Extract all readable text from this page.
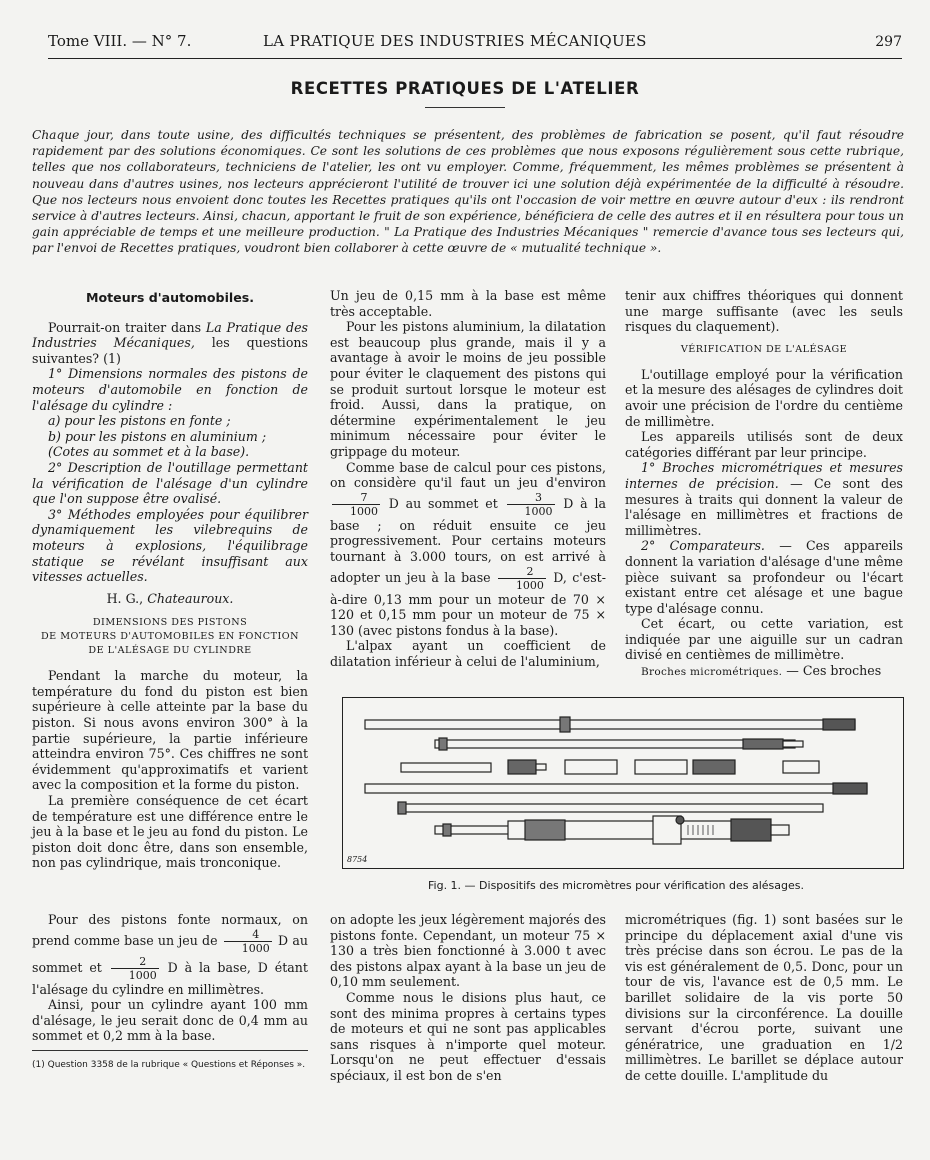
Tome VIII. — N° 7.	LA PRATIQUE DES INDUSTRIES MÉCANIQUES	297
RECETTES PRATIQUES DE L'ATELIER
Chaque jour, dans toute usine, des difficultés techniques se présentent, des problèmes de fabrication se posent, qu'il faut résoudre rapidement par des solutions économiques. Ce sont les solutions de ces problèmes que nous exposons régulièrement sous cette rubrique, telles que nos collaborateurs, techniciens de l'atelier, les ont vu employer. Comme, fréquemment, les mêmes problèmes se présentent à nouveau dans d'autres usines, nos lecteurs apprécieront l'utilité de trouver ici une solution déjà expérimentée de la difficulté à résoudre. Que nos lecteurs nous envoient donc toutes les Recettes pratiques qu'ils ont l'occasion de voir mettre en œuvre autour d'eux : ils rendront service à d'autres lecteurs. Ainsi, chacun, apportant le fruit de son expérience, bénéficiera de celle des autres et il en résultera pour tous un gain appréciable de temps et une meilleure production. " La Pratique des Industries Mécaniques " remercie d'avance tous ses lecteurs qui, par l'envoi de Recettes pratiques, voudront bien collaborer à cette œuvre de « mutualité technique ».
Moteurs d'automobiles.

Pourrait-on traiter dans La Pratique des Industries Mécaniques, les questions suivantes? (1)

1° Dimensions normales des pistons de moteurs d'automobile en fonction de l'alésage du cylindre :

a) pour les pistons en fonte ;

b) pour les pistons en aluminium ;

(Cotes au sommet et à la base).

2° Description de l'outillage permettant la vérification de l'alésage d'un cylindre que l'on suppose être ovalisé.

3° Méthodes employées pour équilibrer dynamiquement les vilebrequins de moteurs à explosions, l'équilibrage statique se révélant insuffisant aux vitesses actuelles.

H. G., Chateauroux.
DIMENSIONS DES PISTONS
DE MOTEURS D'AUTOMOBILES EN FONCTION
DE L'ALÉSAGE DU CYLINDRE

Pendant la marche du moteur, la température du fond du piston est bien supérieure à celle atteinte par la base du piston. Si nous avons environ 300° à la partie supérieure, la partie inférieure atteindra environ 75°. Ces chiffres ne sont évidemment qu'approximatifs et varient avec la composition et la forme du piston.

La première conséquence de cet écart de température est une différence entre le jeu à la base et le jeu au fond du piston. Le piston doit donc être, dans son ensemble, non pas cylindrique, mais tronconique.

Pour des pistons fonte normaux, on prend comme base un jeu de $\frac{4}{1000}$ D au sommet et $\frac{2}{1000}$ D à la base, D étant l'alésage du cylindre en millimètres.

Ainsi, pour un cylindre ayant 100 mm d'alésage, le jeu serait donc de 0,4 mm au sommet et 0,2 mm à la base.

(1) Question 3358 de la rubrique « Questions et Réponses ».

Un jeu de 0,15 mm à la base est même très acceptable.

Pour les pistons aluminium, la dilatation est beaucoup plus grande, mais il y a avantage à avoir le moins de jeu possible pour éviter le claquement des pistons qui se produit surtout lorsque le moteur est froid. Aussi, dans la pratique, on détermine expérimentalement le jeu minimum nécessaire pour éviter le grippage du moteur.

Comme base de calcul pour ces pistons, on considère qu'il faut un jeu d'environ
$\frac{7}{1000}$ D au sommet et $\frac{3}{1000}$ D à la base ; on réduit ensuite ce jeu progressivement. Pour certains moteurs tournant à 3.000 tours, on est arrivé à adopter un jeu à la base $\frac{2}{1000} D$, c'est-à-dire 0,13 mm pour un moteur de 70 × 120 et 0,15 mm pour un moteur de 75 × 130 (avec pistons fondus à la base).

L'alpax ayant un coefficient de dilatation inférieur à celui de l'aluminium,

on adopte les jeux légèrement majorés des pistons fonte. Cependant, un moteur 75 × 130 a très bien fonctionné à 3.000 t avec des pistons alpax ayant à la base un jeu de 0,10 mm seulement.

Comme nous le disions plus haut, ce sont des minima propres à certains types de moteurs et qui ne sont pas applicables sans risques à n'importe quel moteur. Lorsqu'on ne peut effectuer d'essais spéciaux, il est bon de s'en

tenir aux chiffres théoriques qui donnent une marge suffisante (avec les seuls risques du claquement).

VÉRIFICATION DE L'ALÉSAGE

L'outillage employé pour la vérification et la mesure des alésages de cylindres doit avoir une précision de l'ordre du centième de millimètre.

Les appareils utilisés sont de deux catégories différant par leur principe.

1° Broches micrométriques et mesures internes de précision. — Ce sont des mesures à traits qui donnent la valeur de l'alésage en millimètres et fractions de millimètres.

2° Comparateurs. — Ces appareils donnent la variation d'alésage d'une même pièce suivant sa profondeur ou l'écart existant entre cet alésage et une bague type d'alésage connu.

Cet écart, ou cette variation, est indiquée par une aiguille sur un cadran divisé en centièmes de millimètre.

Broches micrométriques. — Ces broches

micrométriques (fig. 1) sont basées sur le principe du déplacement axial d'une vis très précise dans son écrou. Le pas de la vis est généralement de 0,5. Donc, pour un tour de vis, l'avance est de 0,5 mm. Le barillet solidaire de la vis porte 50 divisions sur la circonférence. La douille servant d'écrou porte, suivant une génératrice, une graduation en 1/2 millimètres. Le barillet se déplace autour de cette douille. L'amplitude du

8754
Fig. 1. — Dispositifs des micromètres pour vérification des alésages.
